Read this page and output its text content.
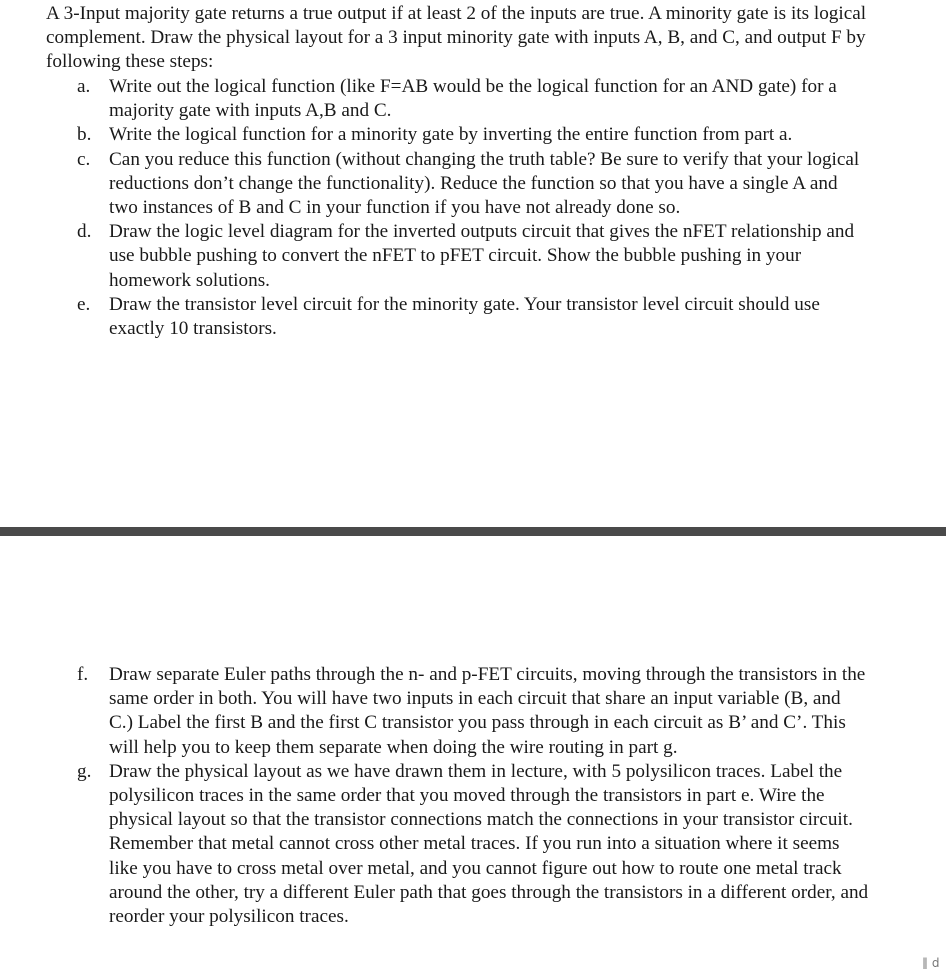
A 3-Input majority gate returns a true output if at least 2 of the inputs are true. A minority gate is its logical complement. Draw the physical layout for a 3 input minority gate with inputs A, B, and C, and output F by following these steps:

a. Write out the logical function (like F=AB would be the logical function for an AND gate) for a majority gate with inputs A,B and C.
b. Write the logical function for a minority gate by inverting the entire function from part a.
c. Can you reduce this function (without changing the truth table? Be sure to verify that your logical reductions don’t change the functionality). Reduce the function so that you have a single A and two instances of B and C in your function if you have not already done so.
d. Draw the logic level diagram for the inverted outputs circuit that gives the nFET relationship and use bubble pushing to convert the nFET to pFET circuit. Show the bubble pushing in your homework solutions.
e. Draw the transistor level circuit for the minority gate. Your transistor level circuit should use exactly 10 transistors.
f. Draw separate Euler paths through the n- and p-FET circuits, moving through the transistors in the same order in both. You will have two inputs in each circuit that share an input variable (B, and C.) Label the first B and the first C transistor you pass through in each circuit as B’ and C’. This will help you to keep them separate when doing the wire routing in part g.
g. Draw the physical layout as we have drawn them in lecture, with 5 polysilicon traces. Label the polysilicon traces in the same order that you moved through the transistors in part e. Wire the physical layout so that the transistor connections match the connections in your transistor circuit. Remember that metal cannot cross other metal traces. If you run into a situation where it seems like you have to cross metal over metal, and you cannot figure out how to route one metal track around the other, try a different Euler path that goes through the transistors in a different order, and reorder your polysilicon traces.
‖ d
